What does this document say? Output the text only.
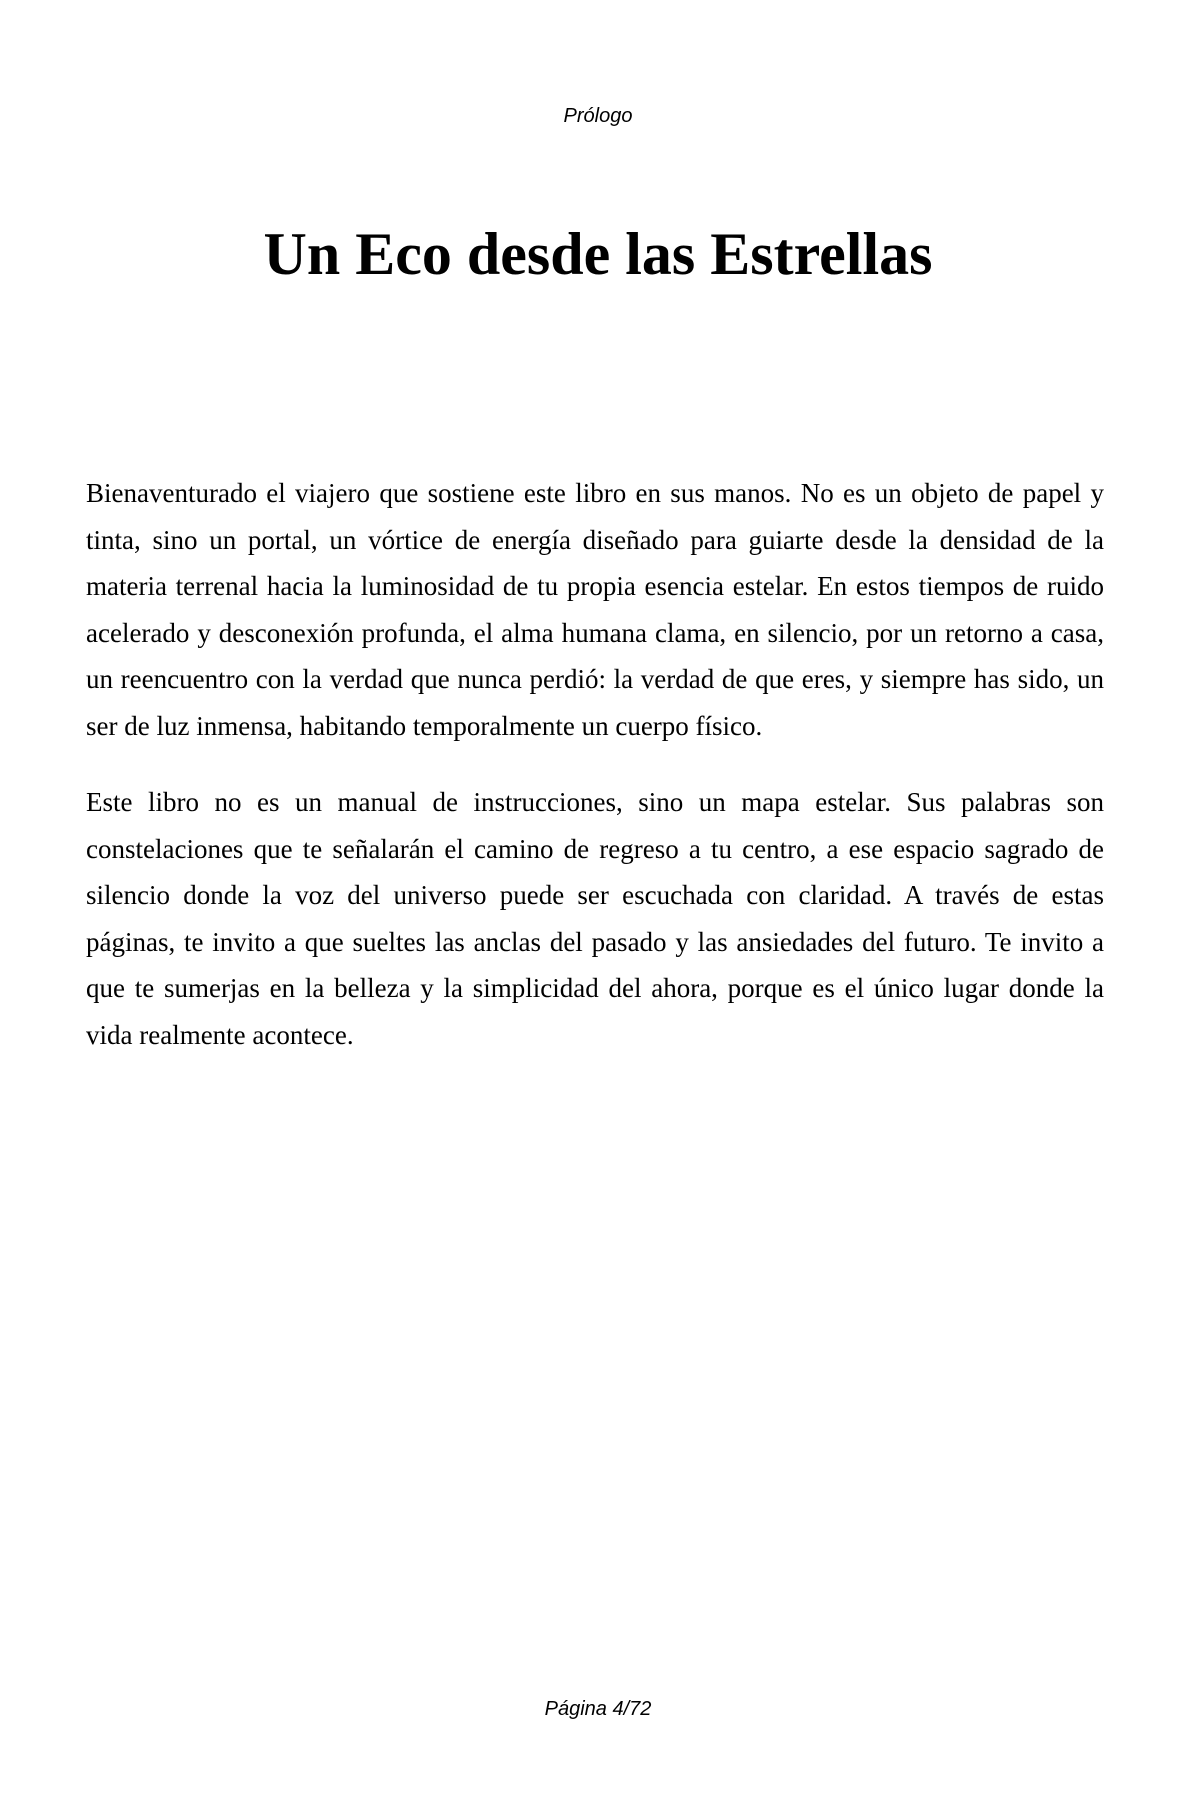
Prólogo
Un Eco desde las Estrellas

Bienaventurado el viajero que sostiene este libro en sus manos. No es un objeto de papel y tinta, sino un portal, un vórtice de energía diseñado para guiarte desde la densidad de la materia terrenal hacia la luminosidad de tu propia esencia estelar. En estos tiempos de ruido acelerado y desconexión profunda, el alma humana clama, en silencio, por un retorno a casa, un reencuentro con la verdad que nunca perdió: la verdad de que eres, y siempre has sido, un ser de luz inmensa, habitando temporalmente un cuerpo físico.

Este libro no es un manual de instrucciones, sino un mapa estelar. Sus palabras son constelaciones que te señalarán el camino de regreso a tu centro, a ese espacio sagrado de silencio donde la voz del universo puede ser escuchada con claridad. A través de estas páginas, te invito a que sueltes las anclas del pasado y las ansiedades del futuro. Te invito a que te sumerjas en la belleza y la simplicidad del ahora, porque es el único lugar donde la vida realmente acontece.

Página 4/72
